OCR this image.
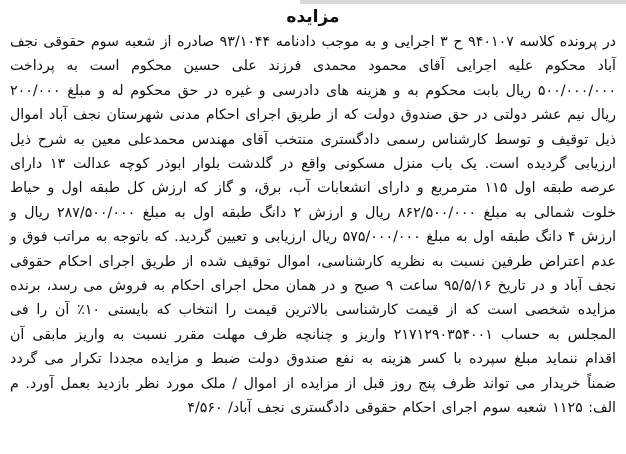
مزایده

در پرونده کلاسه ۹۴۰۱۰۷ ح ۳ اجرایی و به موجب دادنامه ۹۳/۱۰۴۴ صادره از شعبه سوم حقوقی نجف آباد محکوم علیه اجرایی آقای محمود محمدی فرزند علی حسین محکوم است به پرداخت ۵۰۰/۰۰۰/۰۰۰ ریال بابت محکوم به و هزینه های دادرسی و غیره در حق محکوم له و مبلغ ۲۰۰/۰۰۰ ریال نیم عشر دولتی در حق صندوق دولت که از طریق اجرای احکام مدنی شهرستان نجف آباد اموال ذیل توقیف و توسط کارشناس رسمی دادگستری منتخب آقای مهندس محمدعلی معین به شرح ذیل ارزیابی گردیده است. یک باب منزل مسکونی واقع در گلدشت بلوار ابوذر کوچه عدالت ۱۳ دارای عرصه طبقه اول ۱۱۵ مترمربع و دارای انشعابات آب، برق، و گاز که ارزش کل طبقه اول و حیاط خلوت شمالی به مبلغ ۸۶۲/۵۰۰/۰۰۰ ریال و ارزش ۲ دانگ طبقه اول به مبلغ ۲۸۷/۵۰۰/۰۰۰ ریال و ارزش ۴ دانگ طبقه اول به مبلغ ۵۷۵/۰۰۰/۰۰۰ ریال ارزیابی و تعیین گردید. که باتوجه به مراتب فوق و عدم اعتراض طرفین نسبت به نظریه کارشناسی، اموال توقیف شده از طریق اجرای احکام حقوقی نجف آباد و در تاریخ ۹۵/۵/۱۶ ساعت ۹ صبح و در همان محل اجرای احکام به فروش می رسد، برنده مزایده شخصی است که از قیمت کارشناسی بالاترین قیمت را انتخاب که بایستی ۱۰٪ آن را فی المجلس به حساب ۲۱۷۱۲۹۰۳۵۴۰۰۱ واریز و چنانچه ظرف مهلت مقرر نسبت به واریز مابقی آن اقدام ننماید مبلغ سپرده با کسر هزینه به نفع صندوق دولت ضبط و مزایده مجددا تکرار می گردد ضمناً خریدار می تواند ظرف پنج روز قبل از مزایده از اموال / ملک مورد نظر بازدید بعمل آورد. م الف: ۱۱۲۵ شعبه سوم اجرای احکام حقوقی دادگستری نجف آباد/ ۴/۵۶۰
